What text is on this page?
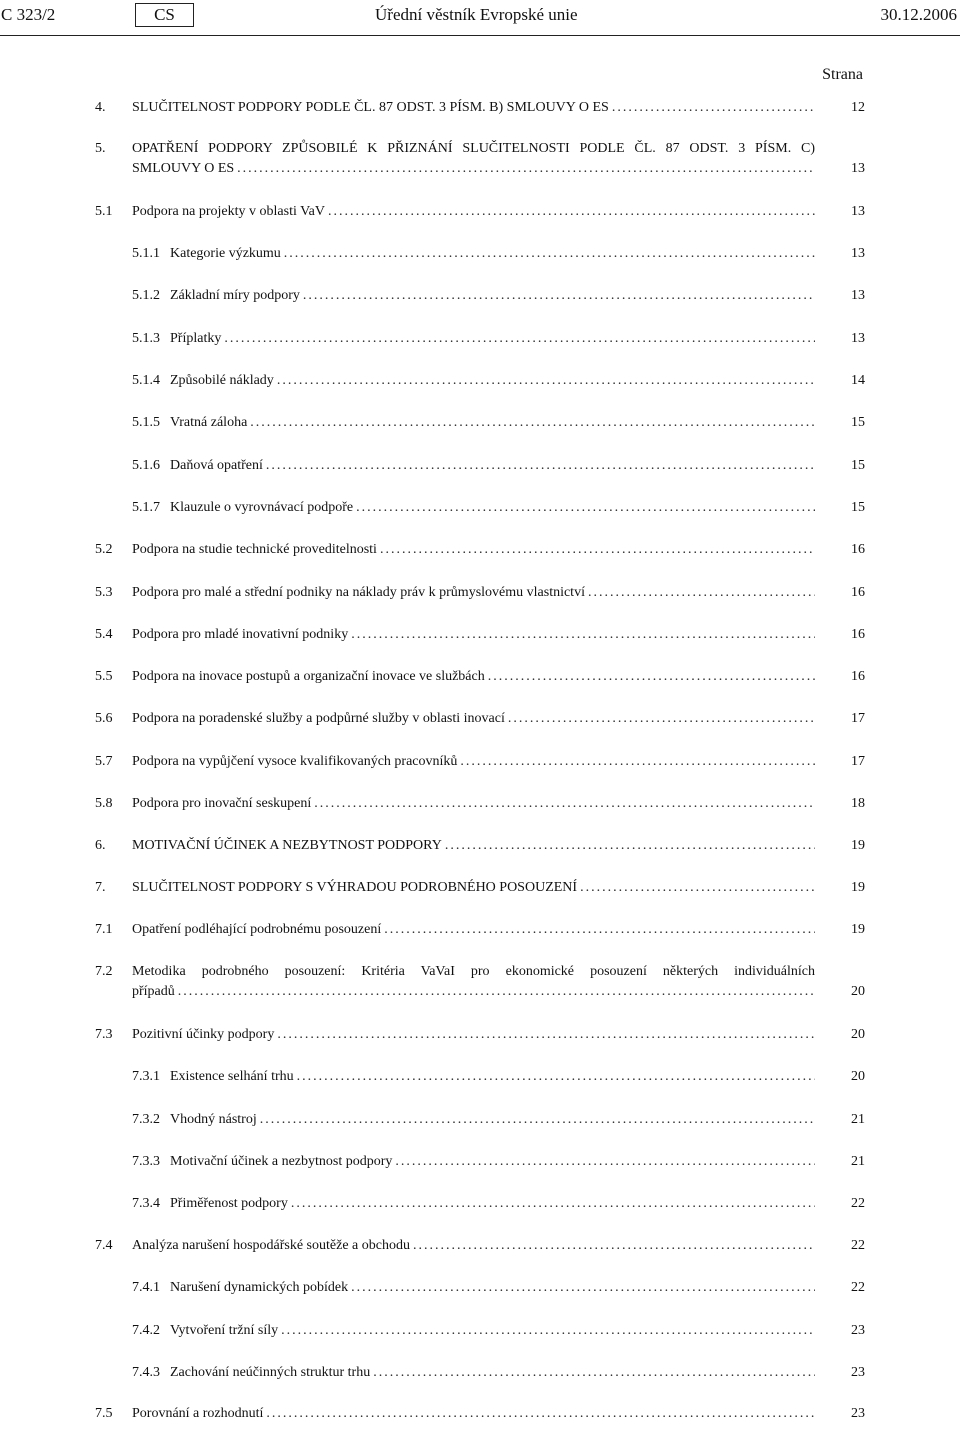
C 323/2	CS	Úřední věstník Evropské unie	30.12.2006
Strana
4. SLUČITELNOST PODPORY PODLE ČL. 87 ODST. 3 PÍSM. B) SMLOUVY O ES .....	12
5. OPATŘENÍ PODPORY ZPŮSOBILÉ K PŘIZNÁNÍ SLUČITELNOSTI PODLE ČL. 87 ODST. 3 PÍSM. C)
SMLOUVY O ES .....	13
5.1 Podpora na projekty v oblasti VaV .....	13
5.1.1 Kategorie výzkumu .....	13
5.1.2 Základní míry podpory .....	13
5.1.3 Příplatky .....	13
5.1.4 Způsobilé náklady .....	14
5.1.5 Vratná záloha .....	15
5.1.6 Daňová opatření .....	15
5.1.7 Klauzule o vyrovnávací podpoře .....	15
5.2 Podpora na studie technické proveditelnosti .....	16
5.3 Podpora pro malé a střední podniky na náklady práv k průmyslovému vlastnictví .....	16
5.4 Podpora pro mladé inovativní podniky .....	16
5.5 Podpora na inovace postupů a organizační inovace ve službách .....	16
5.6 Podpora na poradenské služby a podpůrné služby v oblasti inovací .....	17
5.7 Podpora na vypůjčení vysoce kvalifikovaných pracovníků .....	17
5.8 Podpora pro inovační seskupení .....	18
6. MOTIVAČNÍ ÚČINEK A NEZBYTNOST PODPORY .....	19
7. SLUČITELNOST PODPORY S VÝHRADOU PODROBNÉHO POSOUZENÍ .....	19
7.1 Opatření podléhající podrobnému posouzení .....	19
7.2 Metodika podrobného posouzení: Kritéria VaVaI pro ekonomické posouzení některých individuálních
případů .....	20
7.3 Pozitivní účinky podpory .....	20
7.3.1 Existence selhání trhu .....	20
7.3.2 Vhodný nástroj .....	21
7.3.3 Motivační účinek a nezbytnost podpory .....	21
7.3.4 Přiměřenost podpory .....	22
7.4 Analýza narušení hospodářské soutěže a obchodu .....	22
7.4.1 Narušení dynamických pobídek .....	22
7.4.2 Vytvoření tržní síly .....	23
7.4.3 Zachování neúčinných struktur trhu .....	23
7.5 Porovnání a rozhodnutí .....	23
